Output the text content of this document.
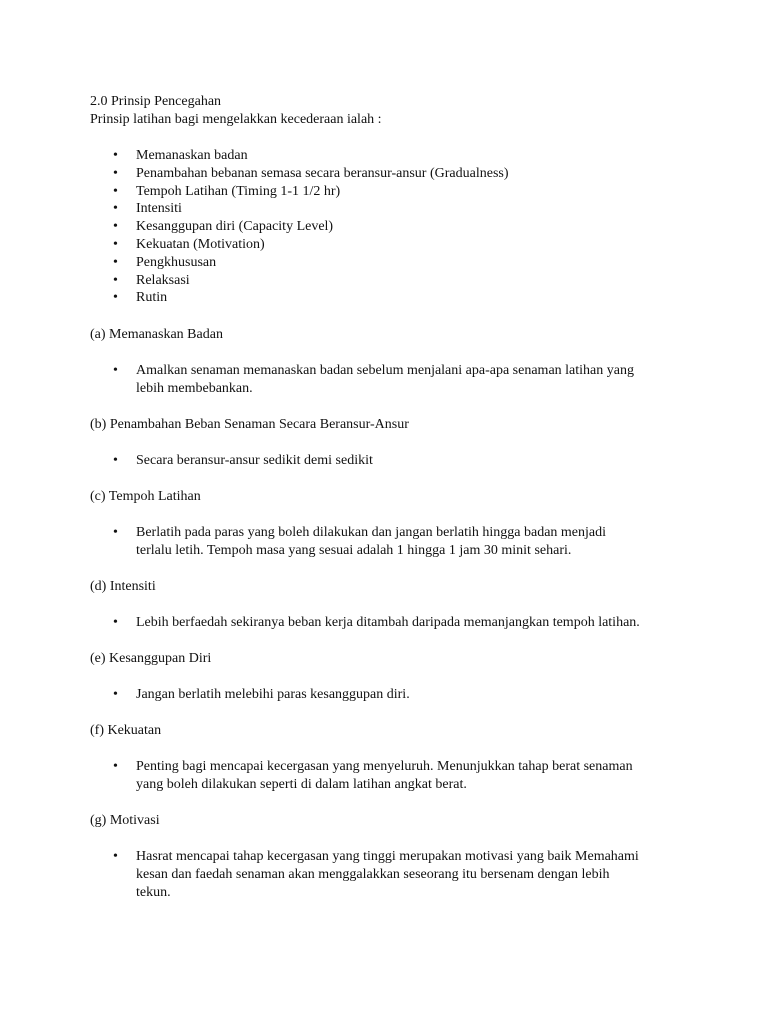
2.0 Prinsip Pencegahan
Prinsip latihan bagi mengelakkan kecederaan ialah :
• Memanaskan badan
• Penambahan bebanan semasa secara beransur-ansur (Gradualness)
• Tempoh Latihan (Timing 1-1 1/2 hr)
• Intensiti
• Kesanggupan diri (Capacity Level)
• Kekuatan (Motivation)
• Pengkhususan
• Relaksasi
• Rutin
(a) Memanaskan Badan
• Amalkan senaman memanaskan badan sebelum menjalani apa-apa senaman latihan yang
lebih membebankan.
(b) Penambahan Beban Senaman Secara Beransur-Ansur
• Secara beransur-ansur sedikit demi sedikit
(c) Tempoh Latihan
• Berlatih pada paras yang boleh dilakukan dan jangan berlatih hingga badan menjadi
terlalu letih. Tempoh masa yang sesuai adalah 1 hingga 1 jam 30 minit sehari.
(d) Intensiti
• Lebih berfaedah sekiranya beban kerja ditambah daripada memanjangkan tempoh latihan.
(e) Kesanggupan Diri
• Jangan berlatih melebihi paras kesanggupan diri.
(f) Kekuatan
• Penting bagi mencapai kecergasan yang menyeluruh. Menunjukkan tahap berat senaman
yang boleh dilakukan seperti di dalam latihan angkat berat.
(g) Motivasi
• Hasrat mencapai tahap kecergasan yang tinggi merupakan motivasi yang baik Memahami
kesan dan faedah senaman akan menggalakkan seseorang itu bersenam dengan lebih
tekun.
